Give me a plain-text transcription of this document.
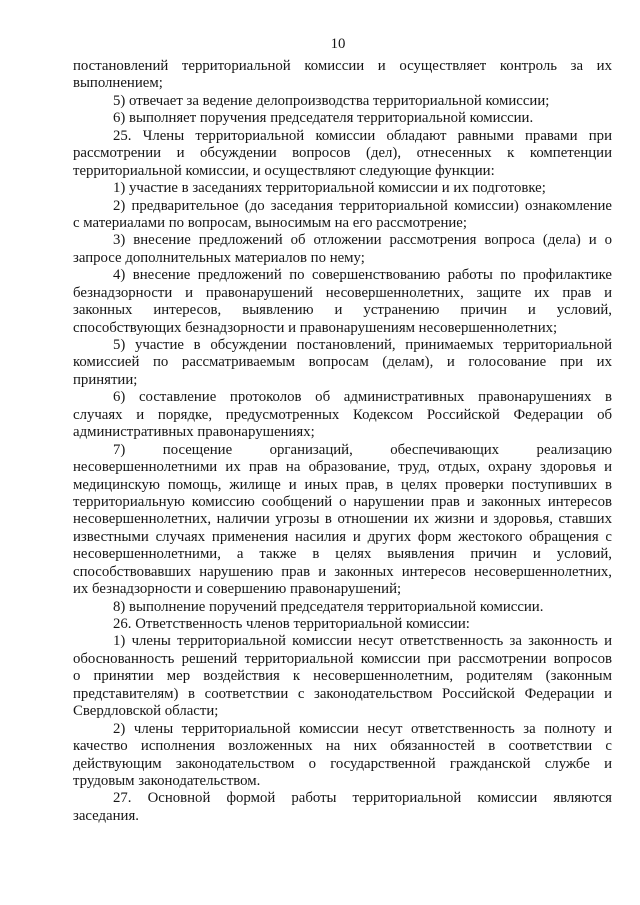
10
постановлений территориальной комиссии и осуществляет контроль за их
выполнением;
5) отвечает за ведение делопроизводства территориальной комиссии;
6) выполняет поручения председателя территориальной комиссии.
25. Члены территориальной комиссии обладают равными правами при
рассмотрении и обсуждении вопросов (дел), отнесенных к компетенции
территориальной комиссии, и осуществляют следующие функции:
1) участие в заседаниях территориальной комиссии и их подготовке;
2) предварительное (до заседания территориальной комиссии) ознакомление
с материалами по вопросам, выносимым на его рассмотрение;
3) внесение предложений об отложении рассмотрения вопроса (дела) и о
запросе дополнительных материалов по нему;
4) внесение предложений по совершенствованию работы по профилактике
безнадзорности и правонарушений несовершеннолетних, защите их прав и
законных интересов, выявлению и устранению причин и условий,
способствующих безнадзорности и правонарушениям несовершеннолетних;
5) участие в обсуждении постановлений, принимаемых территориальной
комиссией по рассматриваемым вопросам (делам), и голосование при их
принятии;
6) составление протоколов об административных правонарушениях в
случаях и порядке, предусмотренных Кодексом Российской Федерации об
административных правонарушениях;
7) посещение организаций, обеспечивающих реализацию
несовершеннолетними их прав на образование, труд, отдых, охрану здоровья и
медицинскую помощь, жилище и иных прав, в целях проверки поступивших в
территориальную комиссию сообщений о нарушении прав и законных интересов
несовершеннолетних, наличии угрозы в отношении их жизни и здоровья, ставших
известными случаях применения насилия и других форм жестокого обращения с
несовершеннолетними, а также в целях выявления причин и условий,
способствовавших нарушению прав и законных интересов несовершеннолетних,
их безнадзорности и совершению правонарушений;
8) выполнение поручений председателя территориальной комиссии.
26. Ответственность членов территориальной комиссии:
1) члены территориальной комиссии несут ответственность за законность и
обоснованность решений территориальной комиссии при рассмотрении вопросов
о принятии мер воздействия к несовершеннолетним, родителям (законным
представителям) в соответствии с законодательством Российской Федерации и
Свердловской области;
2) члены территориальной комиссии несут ответственность за полноту и
качество исполнения возложенных на них обязанностей в соответствии с
действующим законодательством о государственной гражданской службе и
трудовым законодательством.
27. Основной формой работы территориальной комиссии являются
заседания.
